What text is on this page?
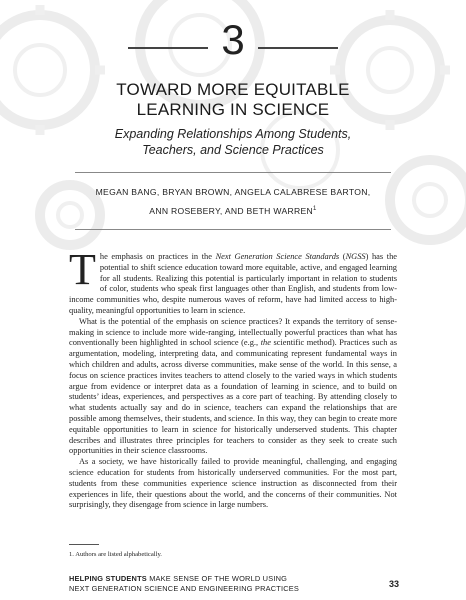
3
TOWARD MORE EQUITABLE
LEARNING IN SCIENCE
Expanding Relationships Among Students,
Teachers, and Science Practices
MEGAN BANG, BRYAN BROWN, ANGELA CALABRESE BARTON,
ANN ROSEBERY, AND BETH WARREN$^1$

The emphasis on practices in the Next Generation Science Standards (NGSS) has the potential to shift science education toward more equitable, active, and engaged learning for all students. Realizing this potential is particularly important in relation to students of color, students who speak first languages other than English, and students from low-income communities who, despite numerous waves of reform, have had limited access to high-quality, meaningful opportunities to learn in science.

What is the potential of the emphasis on science practices? It expands the territory of sense-making in science to include more wide-ranging, intellectually powerful practices than what has conventionally been highlighted in school science (e.g., the scientific method). Practices such as argumentation, modeling, interpreting data, and communicating represent fundamental ways in which children and adults, across diverse communities, make sense of the world. In this sense, a focus on science practices invites teachers to attend closely to the varied ways in which students argue from evidence or interpret data as a foundation of learning in science, and to build on students’ ideas, experiences, and perspectives as a core part of teaching. By attending closely to what students actually say and do in science, teachers can expand the relationships that are possible among themselves, their students, and science. In this way, they can begin to create more equitable opportunities to learn in science for historically underserved students. This chapter describes and illustrates three principles for teachers to consider as they seek to create such opportunities in their science classrooms.

As a society, we have historically failed to provide meaningful, challenging, and engaging science education for students from historically underserved communities. For the most part, students from these communities experience science instruction as disconnected from their experiences in life, their questions about the world, and the concerns of their communities. Not surprisingly, they disengage from science in large numbers.

1. Authors are listed alphabetically.
HELPING STUDENTS MAKE SENSE OF THE WORLD USING
NEXT GENERATION SCIENCE AND ENGINEERING PRACTICES	33
